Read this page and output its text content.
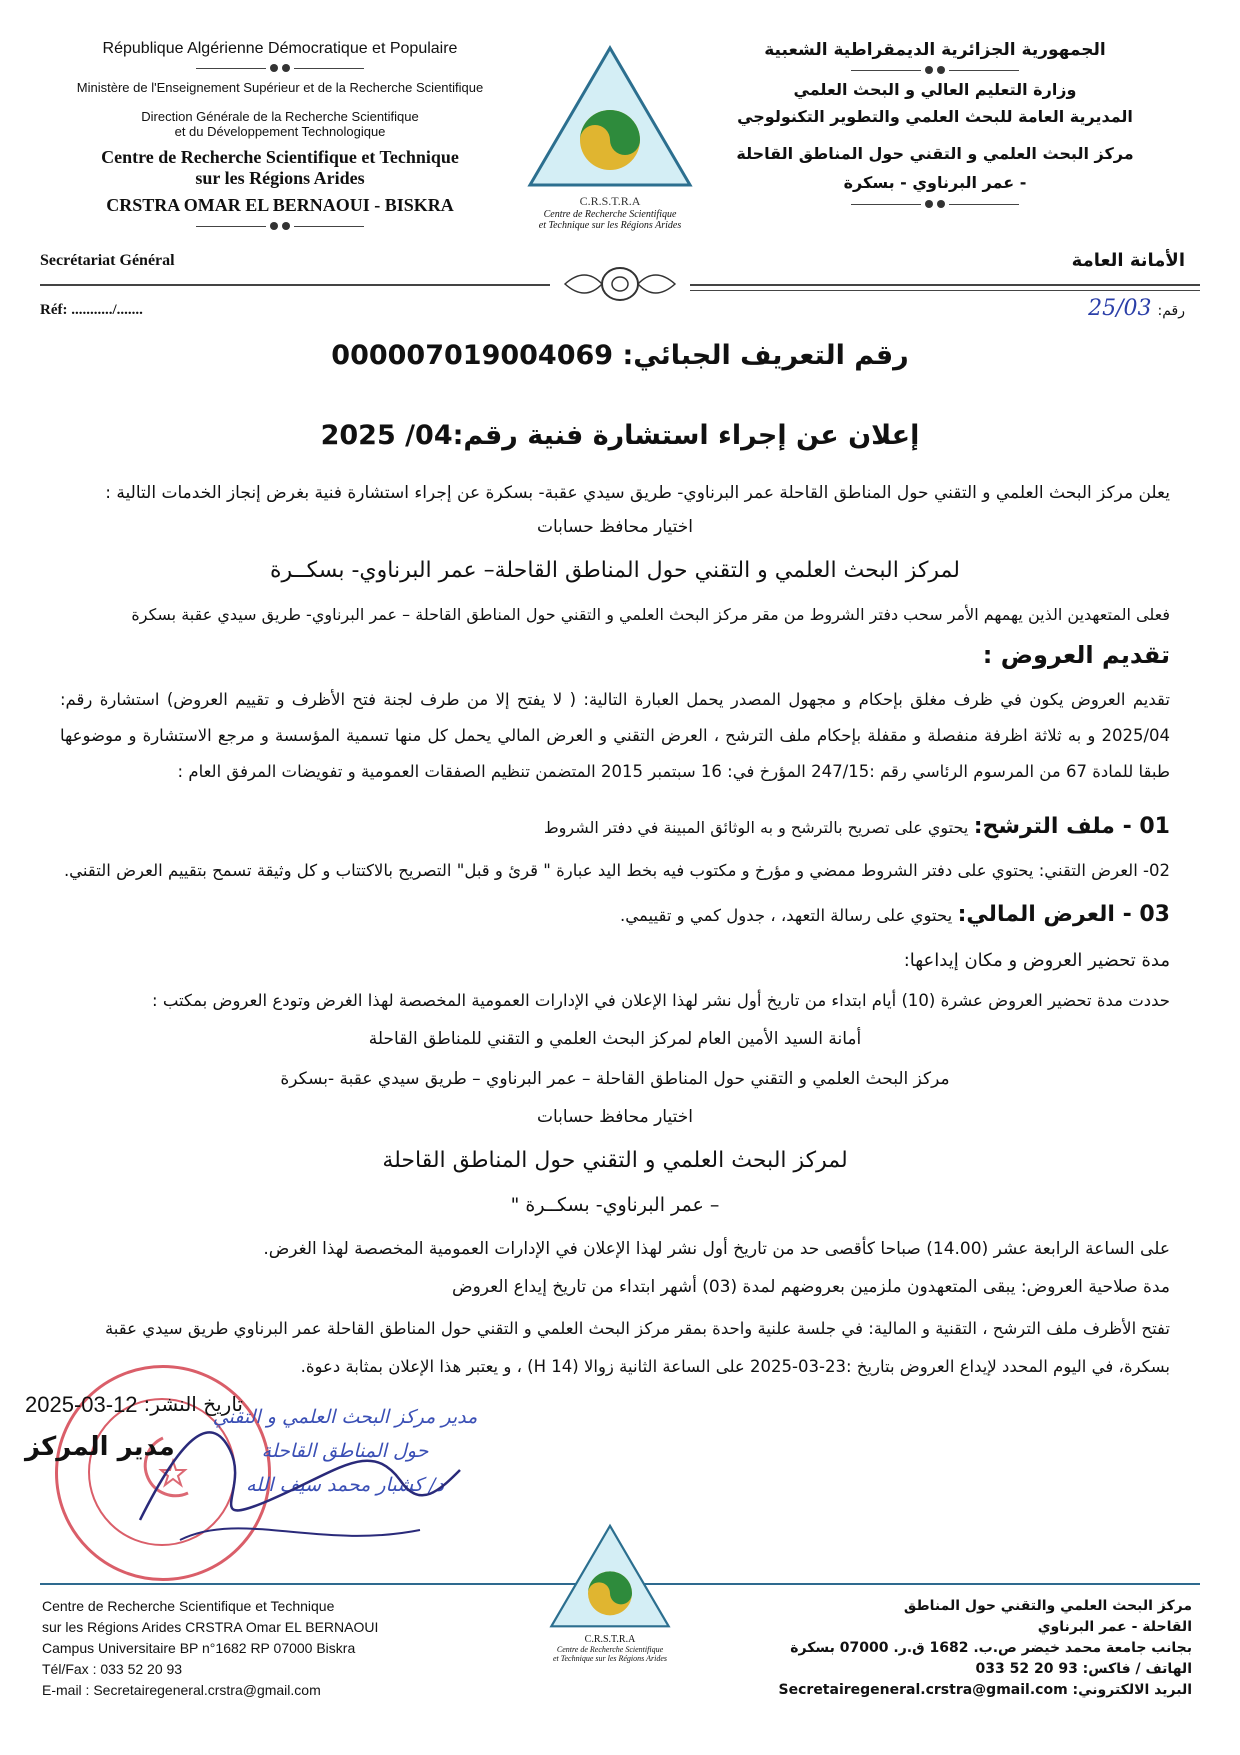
République Algérienne Démocratique et Populaire
Ministère de l'Enseignement Supérieur et de la Recherche Scientifique
Direction Générale de la Recherche Scientifique
et du Développement Technologique
Centre de Recherche Scientifique et Technique
sur les Régions Arides
CRSTRA OMAR EL BERNAOUI - BISKRA
Secrétariat Général
Réf: .........../.......
C.R.S.T.R.A
Centre de Recherche Scientifique
et Technique sur les Régions Arides
الجمهورية الجزائرية الديمقراطية الشعبية
وزارة التعليم العالي و البحث العلمي
المديرية العامة للبحث العلمي والتطوير التكنولوجي
مركز البحث العلمي و التقني حول المناطق القاحلة
- عمر البرناوي - بسكرة
الأمانة العامة
رقم:
25/03
رقم التعريف الجبائي: 000007019004069
إعلان عن إجراء استشارة فنية رقم:04/ 2025
يعلن مركز البحث العلمي و التقني حول المناطق القاحلة عمر البرناوي- طريق سيدي عقبة- بسكرة عن إجراء استشارة فنية بغرض إنجاز الخدمات التالية :
اختيار محافظ حسابات
لمركز البحث العلمي و التقني حول المناطق القاحلة– عمر البرناوي- بسكــرة
فعلى المتعهدين الذين يهمهم الأمر سحب دفتر الشروط من مقر مركز البحث العلمي و التقني حول المناطق القاحلة – عمر البرناوي- طريق سيدي عقبة بسكرة
تقديم العروض :
تقديم العروض يكون في ظرف مغلق بإحكام و مجهول المصدر يحمل العبارة التالية: ( لا يفتح إلا من طرف لجنة فتح الأظرف و تقييم العروض) استشارة رقم: 2025/04 و به ثلاثة اظرفة منفصلة و مقفلة بإحكام ملف الترشح ، العرض التقني و العرض المالي يحمل كل منها تسمية المؤسسة و مرجع الاستشارة و موضوعها طبقا للمادة 67 من المرسوم الرئاسي رقم :247/15 المؤرخ في: 16 سبتمبر 2015 المتضمن تنظيم الصفقات العمومية و تفويضات المرفق العام :
01 - ملف الترشح: يحتوي على تصريح بالترشح و به الوثائق المبينة في دفتر الشروط
02- العرض التقني: يحتوي على دفتر الشروط ممضي و مؤرخ و مكتوب فيه بخط اليد عبارة " قرئ و قبل" التصريح بالاكتتاب و كل وثيقة تسمح بتقييم العرض التقني.
03 - العرض المالي: يحتوي على رسالة التعهد، ، جدول كمي و تقييمي.
مدة تحضير العروض و مكان إيداعها:
حددت مدة تحضير العروض عشرة (10) أيام ابتداء من تاريخ أول نشر لهذا الإعلان في الإدارات العمومية المخصصة لهذا الغرض وتودع العروض بمكتب :
أمانة السيد الأمين العام لمركز البحث العلمي و التقني للمناطق القاحلة
مركز البحث العلمي و التقني حول المناطق القاحلة – عمر البرناوي – طريق سيدي عقبة -بسكرة
اختيار محافظ حسابات
لمركز البحث العلمي و التقني حول المناطق القاحلة
– عمر البرناوي- بسكــرة "
على الساعة الرابعة عشر (14.00) صباحا كأقصى حد من تاريخ أول نشر لهذا الإعلان في الإدارات العمومية المخصصة لهذا الغرض.
مدة صلاحية العروض: يبقى المتعهدون ملزمين بعروضهم لمدة (03) أشهر ابتداء من تاريخ إيداع العروض
تفتح الأظرف ملف الترشح ، التقنية و المالية: في جلسة علنية واحدة بمقر مركز البحث العلمي و التقني حول المناطق القاحلة عمر البرناوي طريق سيدي عقبة بسكرة، في اليوم المحدد لإيداع العروض بتاريخ :23-03-2025 على الساعة الثانية زوالا (14 H) ، و يعتبر هذا الإعلان بمثابة دعوة.
تاريخ النشر:
2025-03-12
مدير المركز
مدير مركز البحث العلمي و التقني
حول المناطق القاحلة
د/ كشبار محمد سيف الله
Centre de Recherche Scientifique et Technique
sur les Régions Arides CRSTRA Omar EL BERNAOUI
Campus Universitaire BP n°1682 RP 07000 Biskra
Tél/Fax : 033 52 20 93
E-mail : Secretairegeneral.crstra@gmail.com
C.R.S.T.R.A
Centre de Recherche Scientifique
et Technique sur les Régions Arides
مركز البحث العلمي والتقني حول المناطق
القاحلة - عمر البرناوي
بجانب جامعة محمد خيضر ص.ب. 1682 ق.ر. 07000 بسكرة
الهاتف / فاكس: 93 20 52 033
البريد الالكتروني: Secretairegeneral.crstra@gmail.com
